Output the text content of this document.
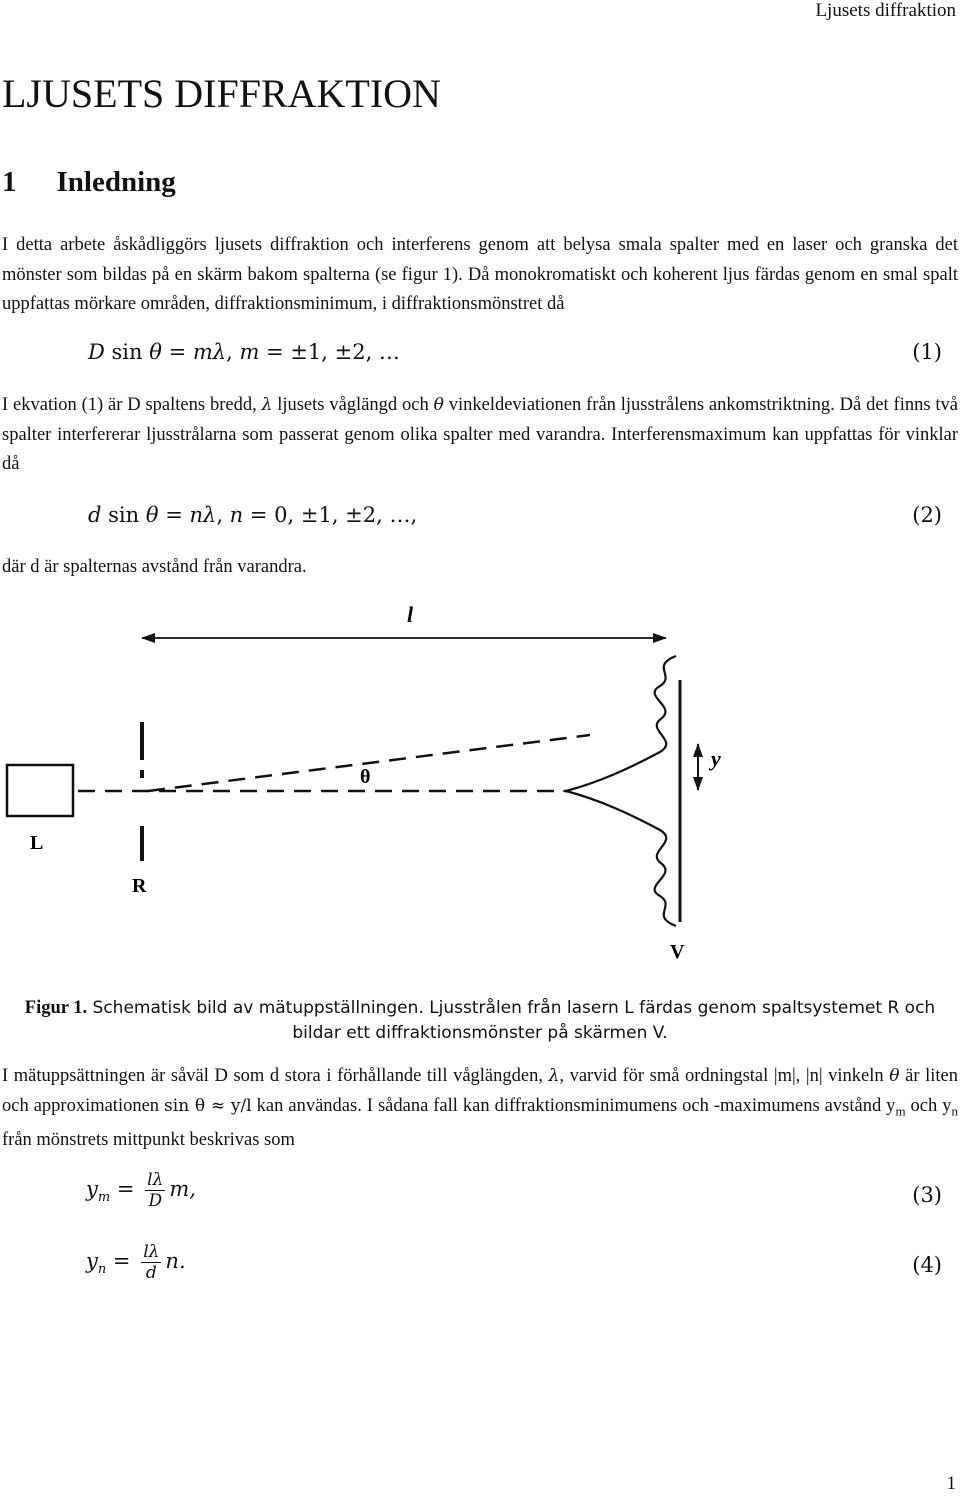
Ljusets diffraktion
LJUSETS DIFFRAKTION
1 Inledning

I detta arbete åskådliggörs ljusets diffraktion och interferens genom att belysa smala spalter med en laser och granska det mönster som bildas på en skärm bakom spalterna (se figur 1). Då monokromatiskt och koherent ljus färdas genom en smal spalt uppfattas mörkare områden, diffraktionsminimum, i diffraktionsmönstret då

D sin θ = mλ, m = ±1, ±2, …	(1)

I ekvation (1) är D spaltens bredd, λ ljusets våglängd och θ vinkeldeviationen från ljusstrålens ankomstriktning. Då det finns två spalter interfererar ljusstrålarna som passerat genom olika spalter med varandra. Interferensmaximum kan uppfattas för vinklar då

d sin θ = nλ, n = 0, ±1, ±2, …,	(2)

där d är spalternas avstånd från varandra.

l
L
R
θ
V
y
Figur 1. Schematisk bild av mätuppställningen. Ljusstrålen från lasern L färdas genom spaltsystemet R och bildar ett diffraktionsmönster på skärmen V.

I mätuppsättningen är såväl D som d stora i förhållande till våglängden, λ, varvid för små ordningstal |m|, |n| vinkeln θ är liten och approximationen sin θ ≈ y/l kan användas. I sådana fall kan diffraktionsminimumens och -maximumens avstånd $y_m$ och $y_n$ från mönstrets mittpunkt beskrivas som

$y_m = \frac{l\lambda}{D} m$,	(3)
$y_n = \frac{l\lambda}{d} n$.	(4)
1
